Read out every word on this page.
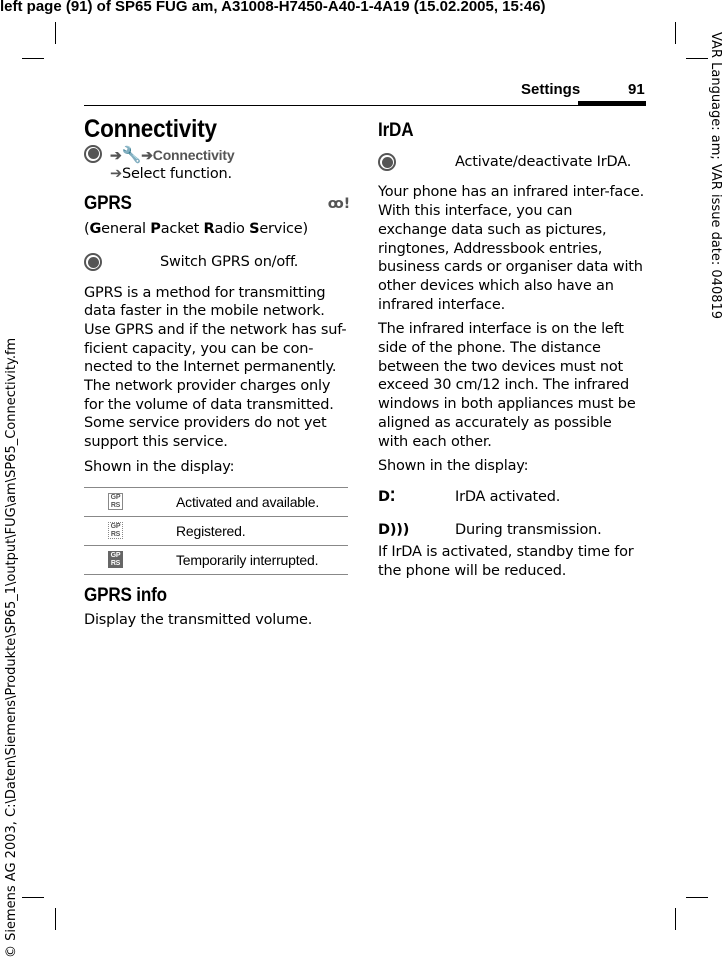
left page (91) of SP65 FUG am, A31008-H7450-A40-1-4A19 (15.02.2005, 15:46)
VAR Language: am; VAR issue date: 040819
© Siemens AG 2003, C:\Daten\Siemens\Produkte\SP65_1\output\FUG\am\SP65_Connectivity.fm
Settings	91
Connectivity
➔🔧➔Connectivity
➔Select function.
GPRS	ꝏ!

(General Packet Radio Service)

Switch GPRS on/off.

GPRS is a method for transmitting data faster in the mobile network. Use GPRS and if the network has suf-ficient capacity, you can be con-nected to the Internet permanently. The network provider charges only for the volume of data transmitted. Some service providers do not yet support this service.

Shown in the display:

GP
RS	Activated and available.
GP
RS	Registered.
GP
RS	Temporarily interrupted.
GPRS info

Display the transmitted volume.

IrDA
Activate/deactivate IrDA.

Your phone has an infrared inter-face. With this interface, you can exchange data such as pictures, ringtones, Addressbook entries, business cards or organiser data with other devices which also have an infrared interface.

The infrared interface is on the left side of the phone. The distance between the two devices must not exceed 30 cm/12 inch. The infrared windows in both appliances must be aligned as accurately as possible with each other.

Shown in the display:

D⁚	IrDA activated.
D)))	During transmission.

If IrDA is activated, standby time for the phone will be reduced.
